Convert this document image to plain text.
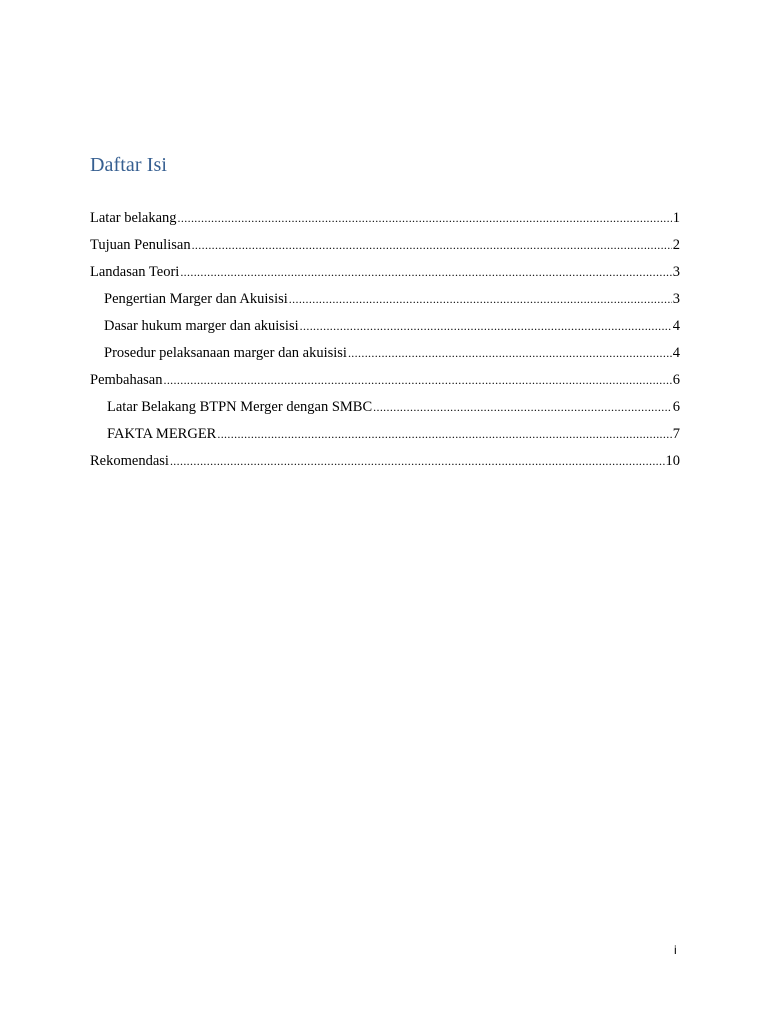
Daftar Isi
Latar belakang .....	1
Tujuan Penulisan .....	2
Landasan Teori .....	3
Pengertian Marger dan Akuisisi .....	3
Dasar hukum marger dan akuisisi .....	4
Prosedur pelaksanaan marger dan akuisisi .....	4
Pembahasan .....	6
Latar Belakang BTPN Merger dengan SMBC .....	6
FAKTA MERGER .....	7
Rekomendasi .....	10
i
